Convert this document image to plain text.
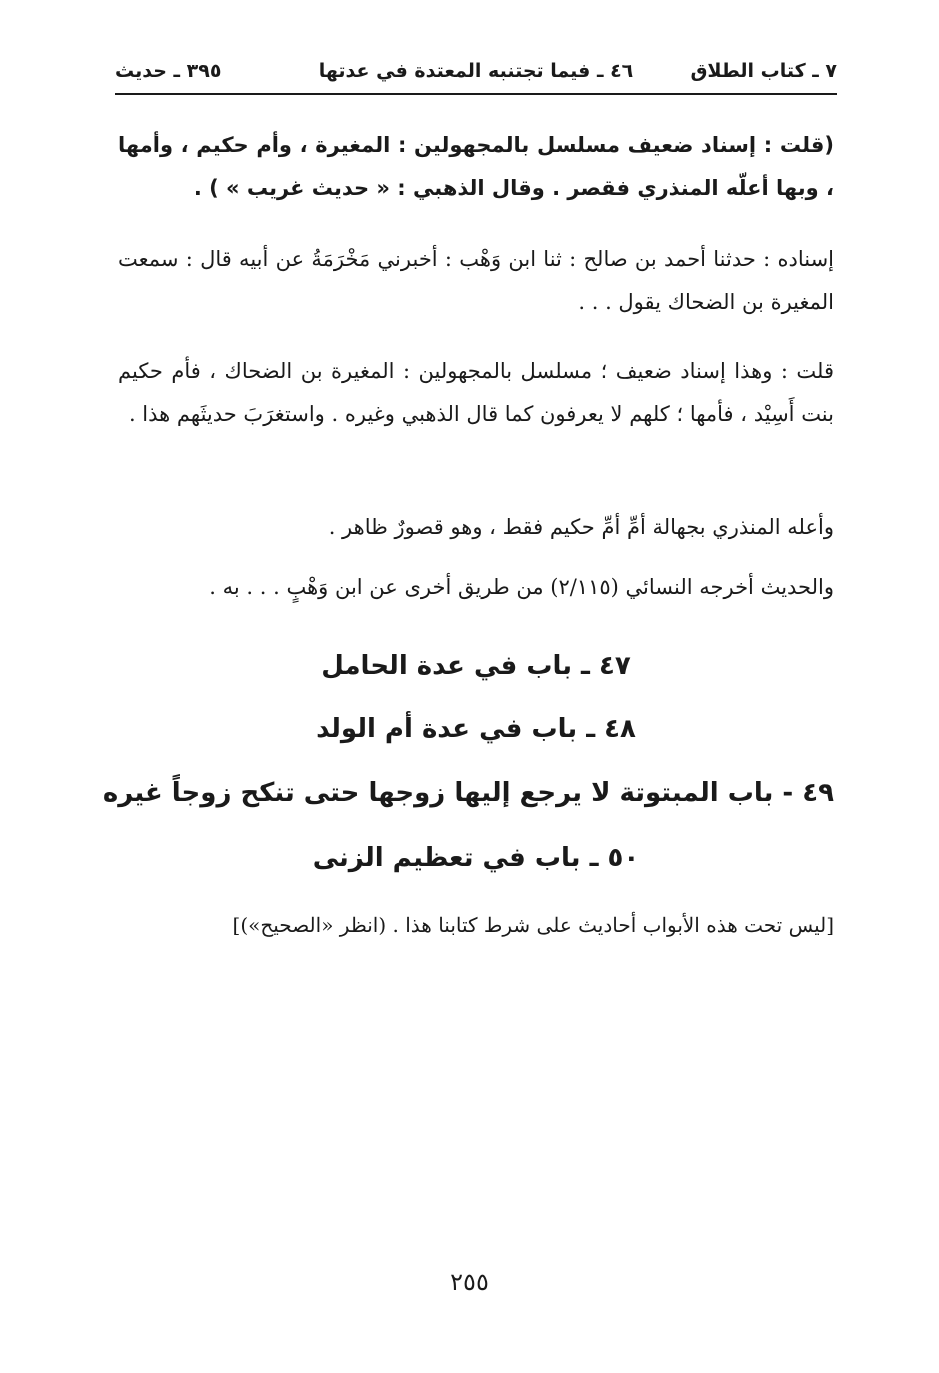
٧ ـ كتاب الطلاق
٤٦ ـ فيما تجتنبه المعتدة في عدتها
٣٩٥ ـ حديث
(قلت : إسناد ضعيف مسلسل بالمجهولين : المغيرة ، وأم حكيم ، وأمها ، وبها أعلّه المنذري فقصر . وقال الذهبي : « حديث غريب » ) .
إسناده : حدثنا أحمد بن صالح : ثنا ابن وَهْب : أخبرني مَخْرَمَةُ عن أبيه قال : سمعت المغيرة بن الضحاك يقول . . .
قلت : وهذا إسناد ضعيف ؛ مسلسل بالمجهولين : المغيرة بن الضحاك ، فأم حكيم بنت أَسِيْد ، فأمها ؛ كلهم لا يعرفون كما قال الذهبي وغيره . واستغرَبَ حديثَهم هذا .
وأعله المنذري بجهالة أمِّ أمِّ حكيم فقط ، وهو قصورٌ ظاهر .
والحديث أخرجه النسائي (٢/١١٥) من طريق أخرى عن ابن وَهْبٍ . . . به .
٤٧ ـ باب في عدة الحامل
٤٨ ـ باب في عدة أم الولد
٤٩ - باب المبتوتة لا يرجع إليها زوجها حتى تنكح زوجاً غيره
٥٠ ـ باب في تعظيم الزنى
[ليس تحت هذه الأبواب أحاديث على شرط كتابنا هذا . (انظر «الصحيح»)]
٢٥٥
